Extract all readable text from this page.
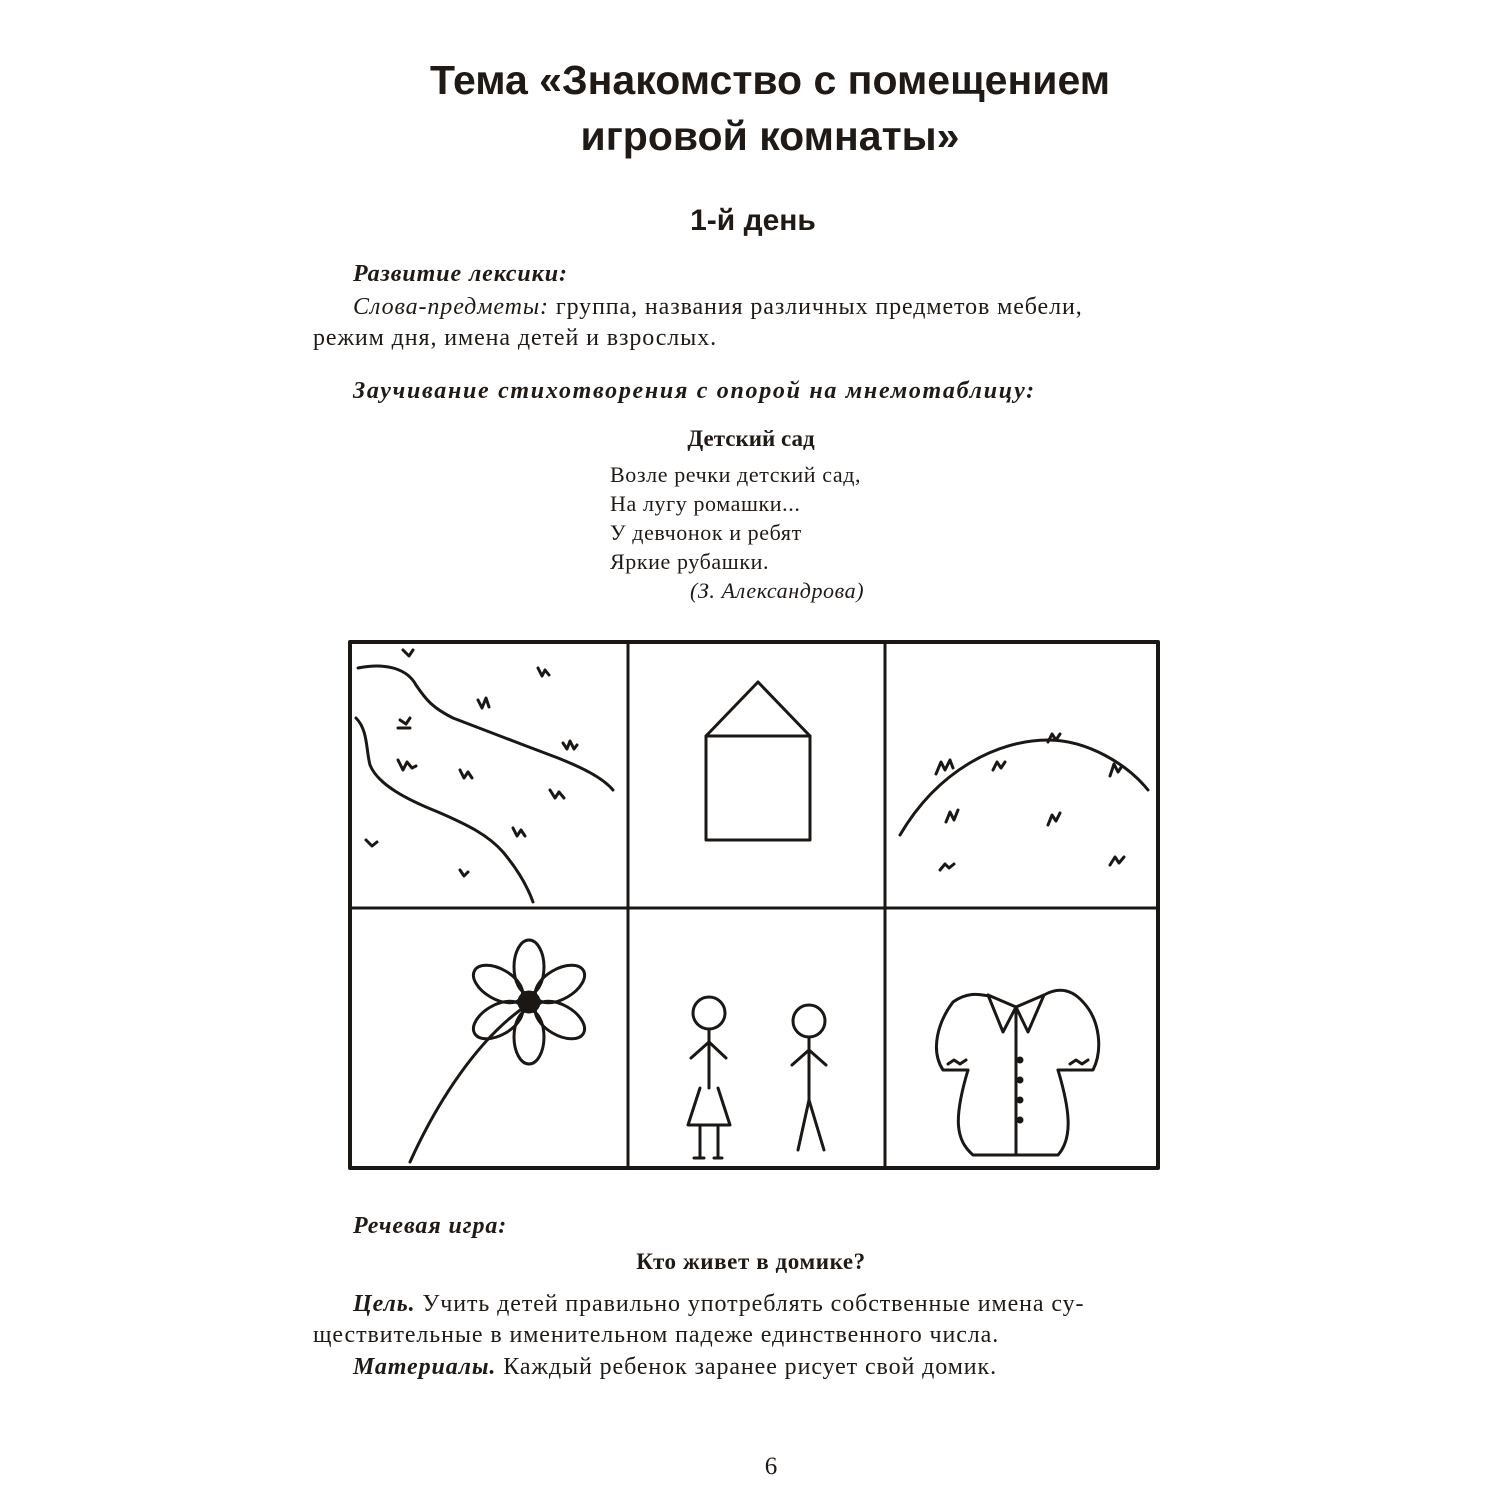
Тема «Знакомство с помещением
игровой комнаты»
1-й день
Развитие лексики:
Слова-предметы: группа, названия различных предметов мебели,
режим дня, имена детей и взрослых.
Заучивание стихотворения с опорой на мнемотаблицу:
Детский сад
Возле речки детский сад,
На лугу ромашки...
У девчонок и ребят
Яркие рубашки.
(З. Александрова)
Речевая игра:
Кто живет в домике?
Цель. Учить детей правильно употреблять собственные имена су-
ществительные в именительном падеже единственного числа.
Материалы. Каждый ребенок заранее рисует свой домик.
6
